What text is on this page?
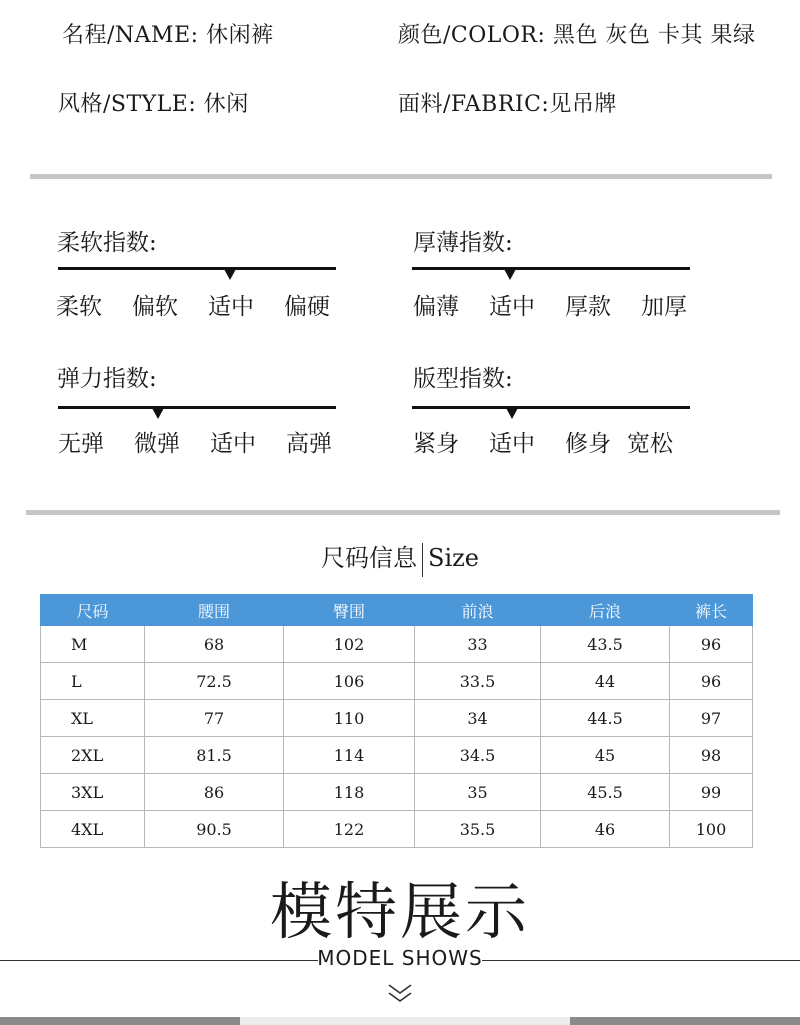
名程/NAME: 休闲裤	颜色/COLOR: 黑色 灰色 卡其 果绿
风格/STYLE: 休闲	面料/FABRIC:见吊牌
柔软指数:
柔软 偏软 适中 偏硬
厚薄指数:
偏薄 适中 厚款 加厚
弹力指数:
无弹 微弹 适中 高弹
版型指数:
紧身 适中 修身 宽松
尺码信息 Size
尺码	腰围	臀围	前浪	后浪	裤长
M	68	102	33	43.5	96
L	72.5	106	33.5	44	96
XL	77	110	34	44.5	97
2XL	81.5	114	34.5	45	98
3XL	86	118	35	45.5	99
4XL	90.5	122	35.5	46	100
模特展示
MODEL SHOWS
